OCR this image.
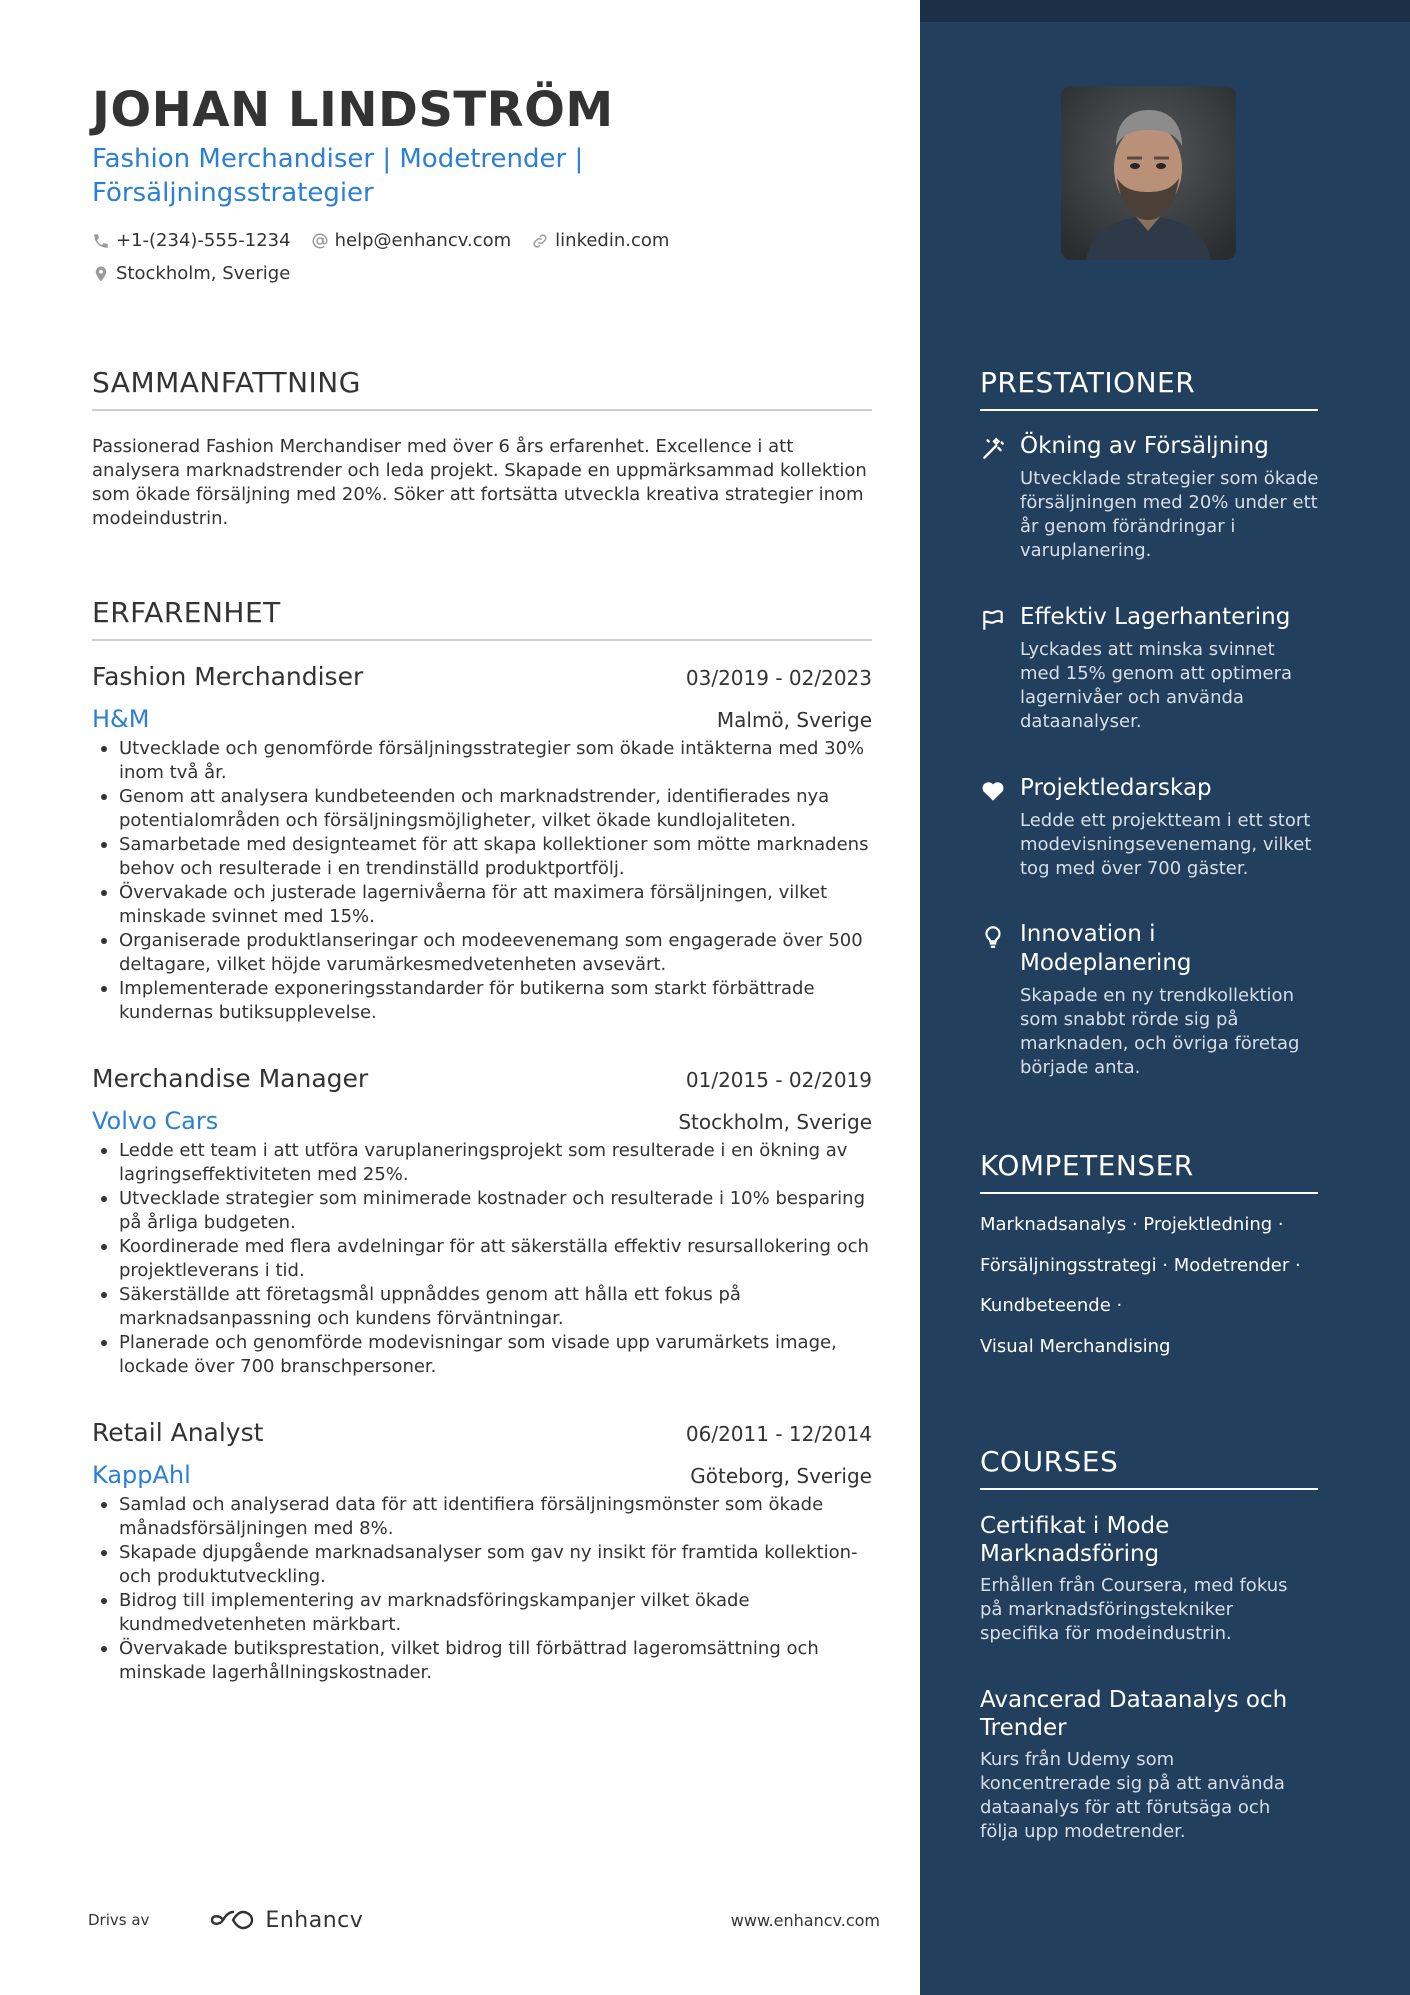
JOHAN LINDSTRÖM
Fashion Merchandiser | Modetrender | Försäljningsstrategier
+1-(234)-555-1234 help@enhancv.com linkedin.com
Stockholm, Sverige
SAMMANFATTNING
Passionerad Fashion Merchandiser med över 6 års erfarenhet. Excellence i att analysera marknadstrender och leda projekt. Skapade en uppmärksammad kollektion som ökade försäljning med 20%. Söker att fortsätta utveckla kreativa strategier inom modeindustrin.
ERFARENHET
Fashion Merchandiser	03/2019 - 02/2023
H&M	Malmö, Sverige
Utvecklade och genomförde försäljningsstrategier som ökade intäkterna med 30% inom två år.
Genom att analysera kundbeteenden och marknadstrender, identifierades nya potentialområden och försäljningsmöjligheter, vilket ökade kundlojaliteten.
Samarbetade med designteamet för att skapa kollektioner som mötte marknadens behov och resulterade i en trendinställd produktportfölj.
Övervakade och justerade lagernivåerna för att maximera försäljningen, vilket minskade svinnet med 15%.
Organiserade produktlanseringar och modeevenemang som engagerade över 500 deltagare, vilket höjde varumärkesmedvetenheten avsevärt.
Implementerade exponeringsstandarder för butikerna som starkt förbättrade kundernas butiksupplevelse.
Merchandise Manager	01/2015 - 02/2019
Volvo Cars	Stockholm, Sverige
Ledde ett team i att utföra varuplaneringsprojekt som resulterade i en ökning av lagringseffektiviteten med 25%.
Utvecklade strategier som minimerade kostnader och resulterade i 10% besparing på årliga budgeten.
Koordinerade med flera avdelningar för att säkerställa effektiv resursallokering och projektleverans i tid.
Säkerställde att företagsmål uppnåddes genom att hålla ett fokus på marknadsanpassning och kundens förväntningar.
Planerade och genomförde modevisningar som visade upp varumärkets image, lockade över 700 branschpersoner.
Retail Analyst	06/2011 - 12/2014
KappAhl	Göteborg, Sverige
Samlad och analyserad data för att identifiera försäljningsmönster som ökade månadsförsäljningen med 8%.
Skapade djupgående marknadsanalyser som gav ny insikt för framtida kollektion- och produktutveckling.
Bidrog till implementering av marknadsföringskampanjer vilket ökade kundmedvetenheten märkbart.
Övervakade butiksprestation, vilket bidrog till förbättrad lageromsättning och minskade lagerhållningskostnader.
Drivs av	Enhancv	www.enhancv.com
PRESTATIONER
Ökning av Försäljning
Utvecklade strategier som ökade försäljningen med 20% under ett år genom förändringar i varuplanering.
Effektiv Lagerhantering
Lyckades att minska svinnet med 15% genom att optimera lagernivåer och använda dataanalyser.
Projektledarskap
Ledde ett projektteam i ett stort modevisningsevenemang, vilket tog med över 700 gäster.
Innovation i Modeplanering
Skapade en ny trendkollektion som snabbt rörde sig på marknaden, och övriga företag började anta.
KOMPETENSER
Marknadsanalys · Projektledning ·
Försäljningsstrategi · Modetrender ·
Kundbeteende ·
Visual Merchandising
COURSES
Certifikat i Mode Marknadsföring
Erhållen från Coursera, med fokus på marknadsföringstekniker specifika för modeindustrin.
Avancerad Dataanalys och Trender
Kurs från Udemy som koncentrerade sig på att använda dataanalys för att förutsäga och följa upp modetrender.
